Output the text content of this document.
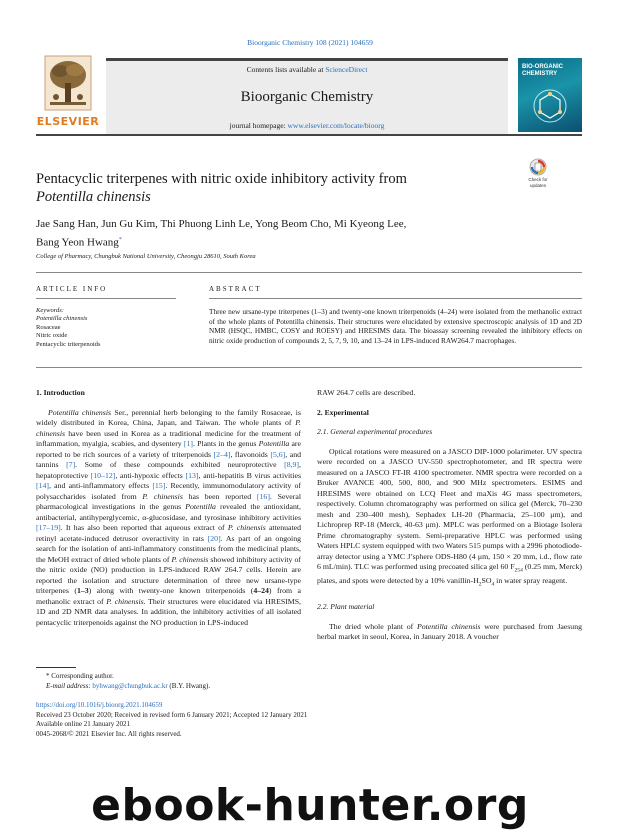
Bioorganic Chemistry 108 (2021) 104659
ELSEVIER
Contents lists available at ScienceDirect
Bioorganic Chemistry
journal homepage: www.elsevier.com/locate/bioorg
BIO-ORGANIC
CHEMISTRY
Check for
updates
Pentacyclic triterpenes with nitric oxide inhibitory activity from
Potentilla chinensis
Jae Sang Han, Jun Gu Kim, Thi Phuong Linh Le, Yong Beom Cho, Mi Kyeong Lee,
Bang Yeon Hwang*
College of Pharmacy, Chungbuk National University, Cheongju 28610, South Korea
ARTICLE INFO	ABSTRACT
Keywords:
Potentilla chinensis
Rosaceae
Nitric oxide
Pentacyclic triterpenoids
Three new ursane-type triterpenes (1–3) and twenty-one known triterpenoids (4–24) were isolated from the methanolic extract of the whole plants of Potentilla chinensis. Their structures were elucidated by extensive spectroscopic analysis of 1D and 2D NMR (HSQC, HMBC, COSY and ROESY) and HRESIMS data. The bioassay screening revealed the inhibitory effects on nitric oxide production of compounds 2, 5, 7, 9, 10, and 13–24 in LPS-induced RAW264.7 macrophages.
1. Introduction

Potentilla chinensis Ser., perennial herb belonging to the family Rosaceae, is widely distributed in Korea, China, Japan, and Taiwan. The whole plants of P. chinensis have been used in Korea as a traditional medicine for the treatment of inflammation, myalgia, scabies, and dysentery [1]. Plants in the genus Potentilla are reported to be rich sources of a variety of triterpenoids [2–4], flavonoids [5,6], and tannins [7]. Some of these compounds exhibited neuroprotective [8,9], hepatoprotective [10–12], anti-hypoxic effects [13], anti-hepatitis B virus activities [14], and anti-inflammatory effects [15]. Recently, immunomodulatory activity of polysaccharides isolated from P. chinensis has been reported [16]. Several pharmacological investigations in the genus Potentilla revealed the antioxidant, antibacterial, antihyperglycemic, α-glucosidase, and tyrosinase inhibitory activities [17–19]. It has also been reported that aqueous extract of P. chinensis attenuated retinyl acetate-induced detrusor overactivity in rats [20]. As part of an ongoing search for the isolation of anti-inflammatory constituents from the medicinal plants, the MeOH extract of dried whole plants of P. chinensis showed inhibitory activity of the nitric oxide (NO) production in LPS-induced RAW 264.7 cells. Herein are reported the isolation and structure determination of three new ursane-type triterpenes (1–3) along with twenty-one known triterpenoids (4–24) from a methanolic extract of P. chinensis. Their structures were elucidated via HRESIMS, 1D and 2D NMR data analyses. In addition, the inhibitory activities of all isolated pentacyclic triterpenoids against the NO production in LPS-induced

RAW 264.7 cells are described.
2. Experimental
2.1. General experimental procedures

Optical rotations were measured on a JASCO DIP-1000 polarimeter. UV spectra were recorded on a JASCO UV-550 spectrophotometer, and IR spectra were measured on a JASCO FT-IR 4100 spectrometer. NMR spectra were recorded on a Bruker AVANCE 400, 500, 800, and 900 MHz spectrometers. ESIMS and HRESIMS were obtained on LCQ Fleet and maXis 4G mass spectrometers, respectively. Column chromatography was performed on silica gel (Merck, 70–230 mesh and 230–400 mesh), Sephadex LH-20 (Pharmacia, 25–100 μm), and Lichroprep RP-18 (Merck, 40-63 μm). MPLC was performed on a Biotage Isolera Prime chromatography system. Semi-preparative HPLC was performed using Waters HPLC system equipped with two Waters 515 pumps with a 2996 photodiode-array detector using a YMC J’sphere ODS-H80 (4 μm, 150 × 20 mm, i.d., flow rate 6 mL/min). TLC was performed using precoated silica gel 60 $F_{254}$ (0.25 mm, Merck) plates, and spots were detected by a 10% vanillin-$H_2SO_4$ in water spray reagent.

2.2. Plant material

The dried whole plant of Potentilla chinensis were purchased from Jaesung herbal market in seoul, Korea, in January 2018. A voucher

* Corresponding author.
E-mail address: byhwang@chungbuk.ac.kr (B.Y. Hwang).
https://doi.org/10.1016/j.bioorg.2021.104659
Received 23 October 2020; Received in revised form 6 January 2021; Accepted 12 January 2021
Available online 21 January 2021
0045-2068/© 2021 Elsevier Inc. All rights reserved.
ebook-hunter.org
